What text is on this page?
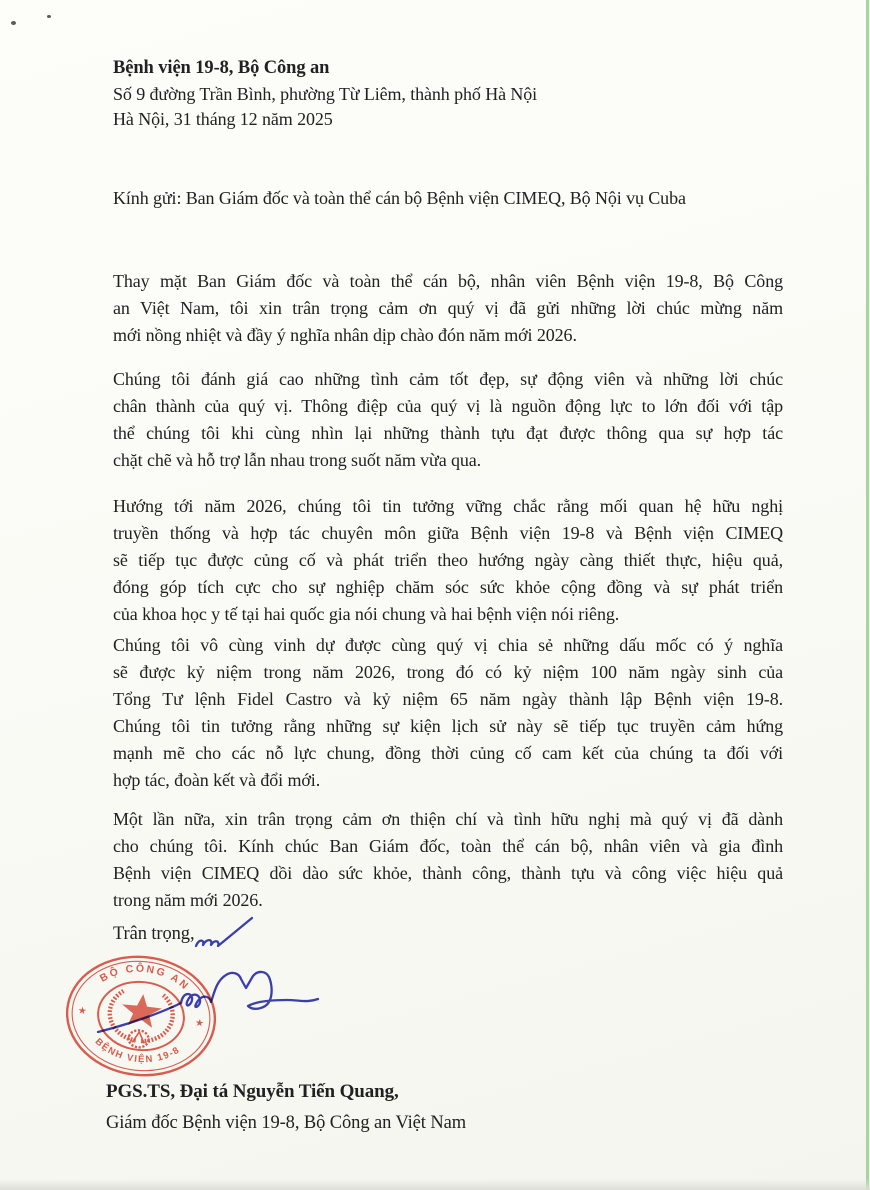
Bệnh viện 19-8, Bộ Công an
Số 9 đường Trần Bình, phường Từ Liêm, thành phố Hà Nội
Hà Nội, 31 tháng 12 năm 2025
Kính gửi: Ban Giám đốc và toàn thể cán bộ Bệnh viện CIMEQ, Bộ Nội vụ Cuba
Thay mặt Ban Giám đốc và toàn thể cán bộ, nhân viên Bệnh viện 19-8, Bộ Công
an Việt Nam, tôi xin trân trọng cảm ơn quý vị đã gửi những lời chúc mừng năm
mới nồng nhiệt và đầy ý nghĩa nhân dịp chào đón năm mới 2026.
Chúng tôi đánh giá cao những tình cảm tốt đẹp, sự động viên và những lời chúc
chân thành của quý vị. Thông điệp của quý vị là nguồn động lực to lớn đối với tập
thể chúng tôi khi cùng nhìn lại những thành tựu đạt được thông qua sự hợp tác
chặt chẽ và hỗ trợ lẫn nhau trong suốt năm vừa qua.
Hướng tới năm 2026, chúng tôi tin tưởng vững chắc rằng mối quan hệ hữu nghị
truyền thống và hợp tác chuyên môn giữa Bệnh viện 19-8 và Bệnh viện CIMEQ
sẽ tiếp tục được củng cố và phát triển theo hướng ngày càng thiết thực, hiệu quả,
đóng góp tích cực cho sự nghiệp chăm sóc sức khỏe cộng đồng và sự phát triển
của khoa học y tế tại hai quốc gia nói chung và hai bệnh viện nói riêng.
Chúng tôi vô cùng vinh dự được cùng quý vị chia sẻ những dấu mốc có ý nghĩa
sẽ được kỷ niệm trong năm 2026, trong đó có kỷ niệm 100 năm ngày sinh của
Tổng Tư lệnh Fidel Castro và kỷ niệm 65 năm ngày thành lập Bệnh viện 19-8.
Chúng tôi tin tưởng rằng những sự kiện lịch sử này sẽ tiếp tục truyền cảm hứng
mạnh mẽ cho các nỗ lực chung, đồng thời củng cố cam kết của chúng ta đối với
hợp tác, đoàn kết và đổi mới.
Một lần nữa, xin trân trọng cảm ơn thiện chí và tình hữu nghị mà quý vị đã dành
cho chúng tôi. Kính chúc Ban Giám đốc, toàn thể cán bộ, nhân viên và gia đình
Bệnh viện CIMEQ dồi dào sức khỏe, thành công, thành tựu và công việc hiệu quả
trong năm mới 2026.
Trân trọng,
BỘ CÔNG AN
BỆNH VIỆN 19-8
★
★
PGS.TS, Đại tá Nguyễn Tiến Quang,
Giám đốc Bệnh viện 19-8, Bộ Công an Việt Nam
